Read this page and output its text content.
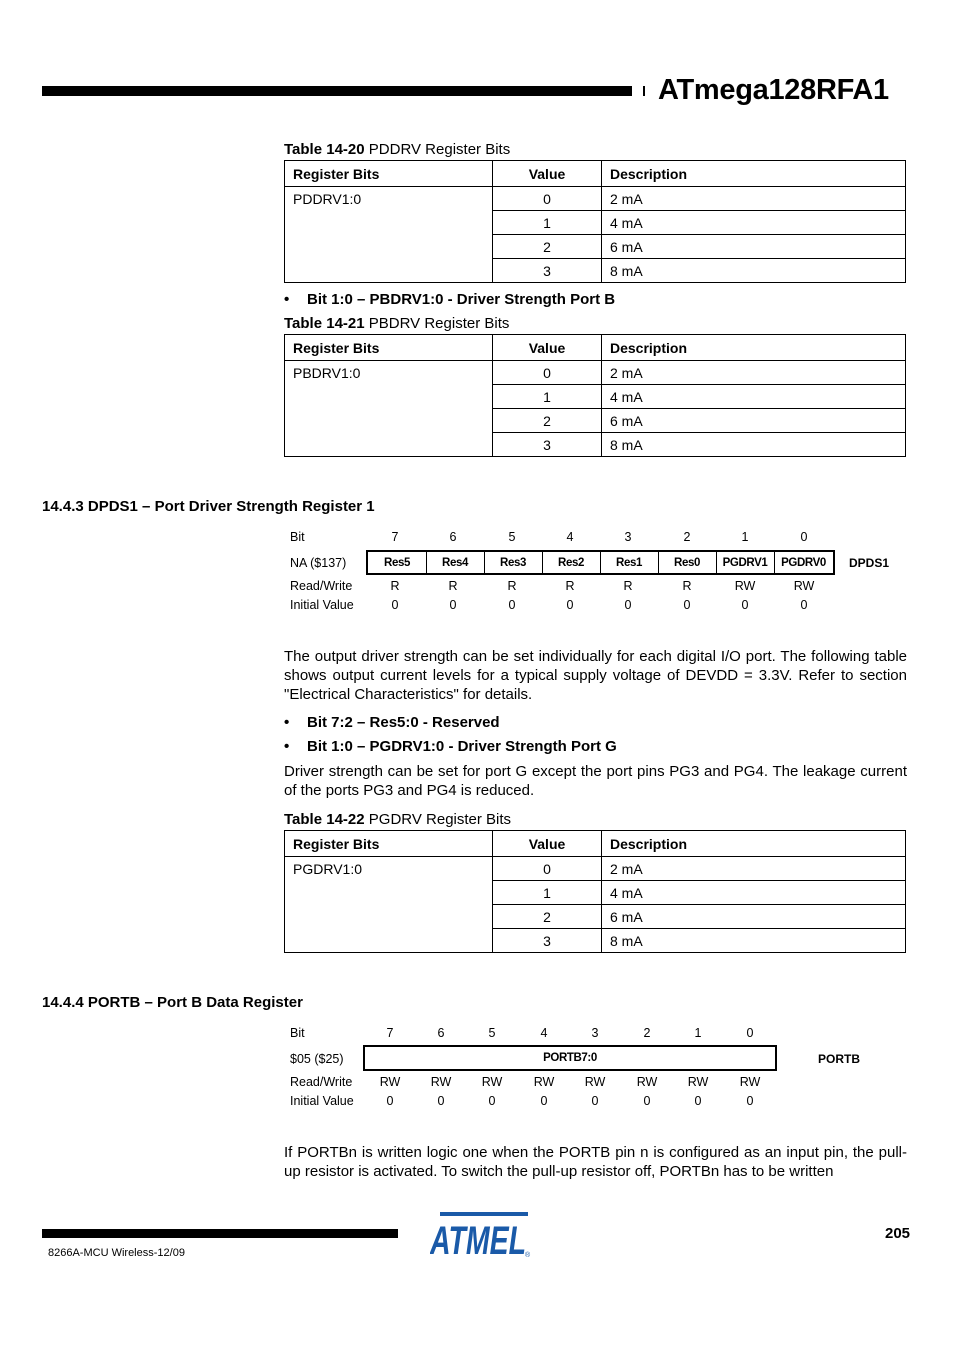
ATmega128RFA1
Table 14-20 PDDRV Register Bits
Register Bits	Value	Description
PDDRV1:0	0	2 mA
	1	4 mA
	2	6 mA
	3	8 mA
• Bit 1:0 – PBDRV1:0 - Driver Strength Port B
Table 14-21 PBDRV Register Bits
Register Bits	Value	Description
PBDRV1:0	0	2 mA
	1	4 mA
	2	6 mA
	3	8 mA
14.4.3 DPDS1 – Port Driver Strength Register 1
Bit	7	6	5	4	3	2	1	0
NA ($137)	Res5	Res4	Res3	Res2	Res1	Res0	PGDRV1	PGDRV0	DPDS1
Read/Write	R	R	R	R	R	R	RW	RW
Initial Value	0	0	0	0	0	0	0	0
The output driver strength can be set individually for each digital I/O port. The following table shows output current levels for a typical supply voltage of DEVDD = 3.3V. Refer to section "Electrical Characteristics" for details.
• Bit 7:2 – Res5:0 - Reserved
• Bit 1:0 – PGDRV1:0 - Driver Strength Port G
Driver strength can be set for port G except the port pins PG3 and PG4. The leakage current of the ports PG3 and PG4 is reduced.
Table 14-22 PGDRV Register Bits
Register Bits	Value	Description
PGDRV1:0	0	2 mA
	1	4 mA
	2	6 mA
	3	8 mA
14.4.4 PORTB – Port B Data Register
Bit	7	6	5	4	3	2	1	0
$05 ($25)	PORTB7:0	PORTB
Read/Write	RW	RW	RW	RW	RW	RW	RW	RW
Initial Value	0	0	0	0	0	0	0	0
If PORTBn is written logic one when the PORTB pin n is configured as an input pin, the pull-up resistor is activated. To switch the pull-up resistor off, PORTBn has to be written
ATMEL ®
205
8266A-MCU Wireless-12/09
